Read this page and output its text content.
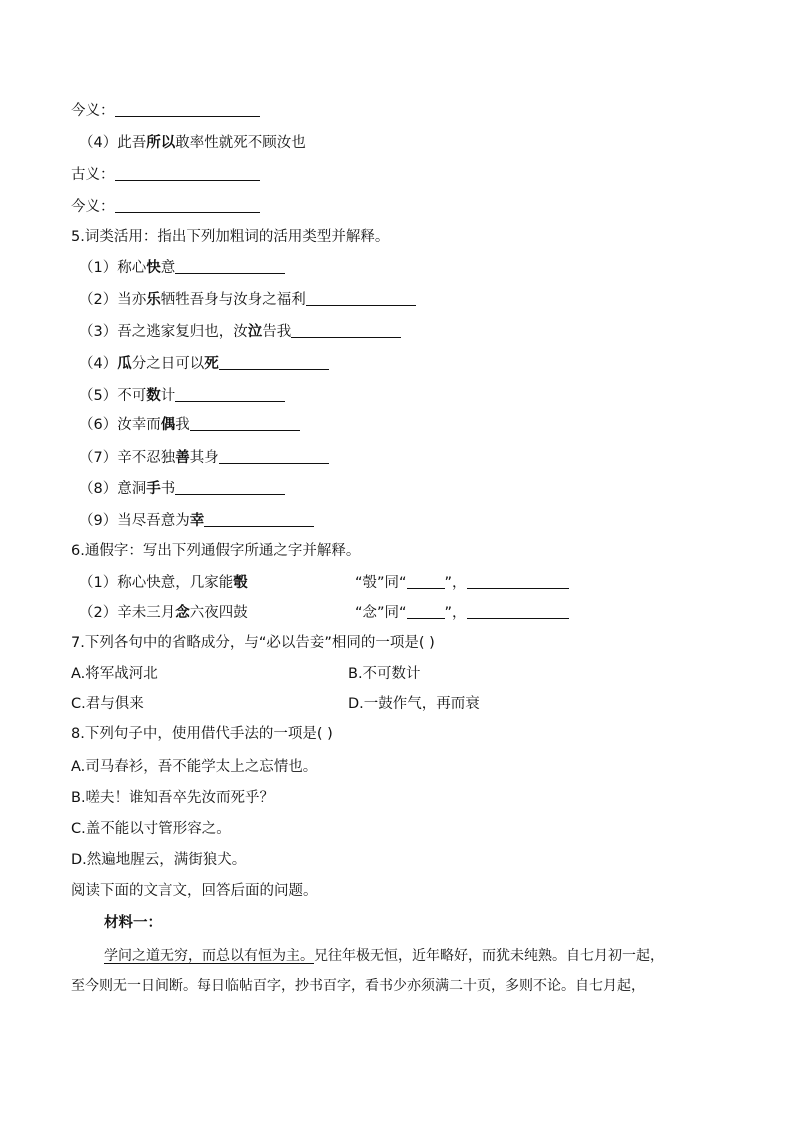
今义：
（4）此吾所以敢率性就死不顾汝也
古义：
今义：
5.词类活用：指出下列加粗词的活用类型并解释。
（1）称心快意
（2）当亦乐牺牲吾身与汝身之福利
（3）吾之逃家复归也，汝泣告我
（4）瓜分之日可以死
（5）不可数计
（6）汝幸而偶我
（7）辛不忍独善其身
（8）意洞手书
（9）当尽吾意为幸
6.通假字：写出下列通假字所通之字并解释。
（1）称心快意，几家能彀	“彀”同“	”，
（2）辛未三月念六夜四鼓	“念”同“	”，
7.下列各句中的省略成分，与“必以告妾”相同的一项是( )
A.将军战河北	B.不可数计
C.君与俱来	D.一鼓作气，再而衰
8.下列句子中，使用借代手法的一项是( )
A.司马春衫，吾不能学太上之忘情也。
B.嗟夫！谁知吾卒先汝而死乎？
C.盖不能以寸管形容之。
D.然遍地腥云，满街狼犬。
阅读下面的文言文，回答后面的问题。
材料一：
学问之道无穷，而总以有恒为主。兄往年极无恒，近年略好，而犹未纯熟。自七月初一起，
至今则无一日间断。每日临帖百字，抄书百字，看书少亦须满二十页，多则不论。自七月起，
